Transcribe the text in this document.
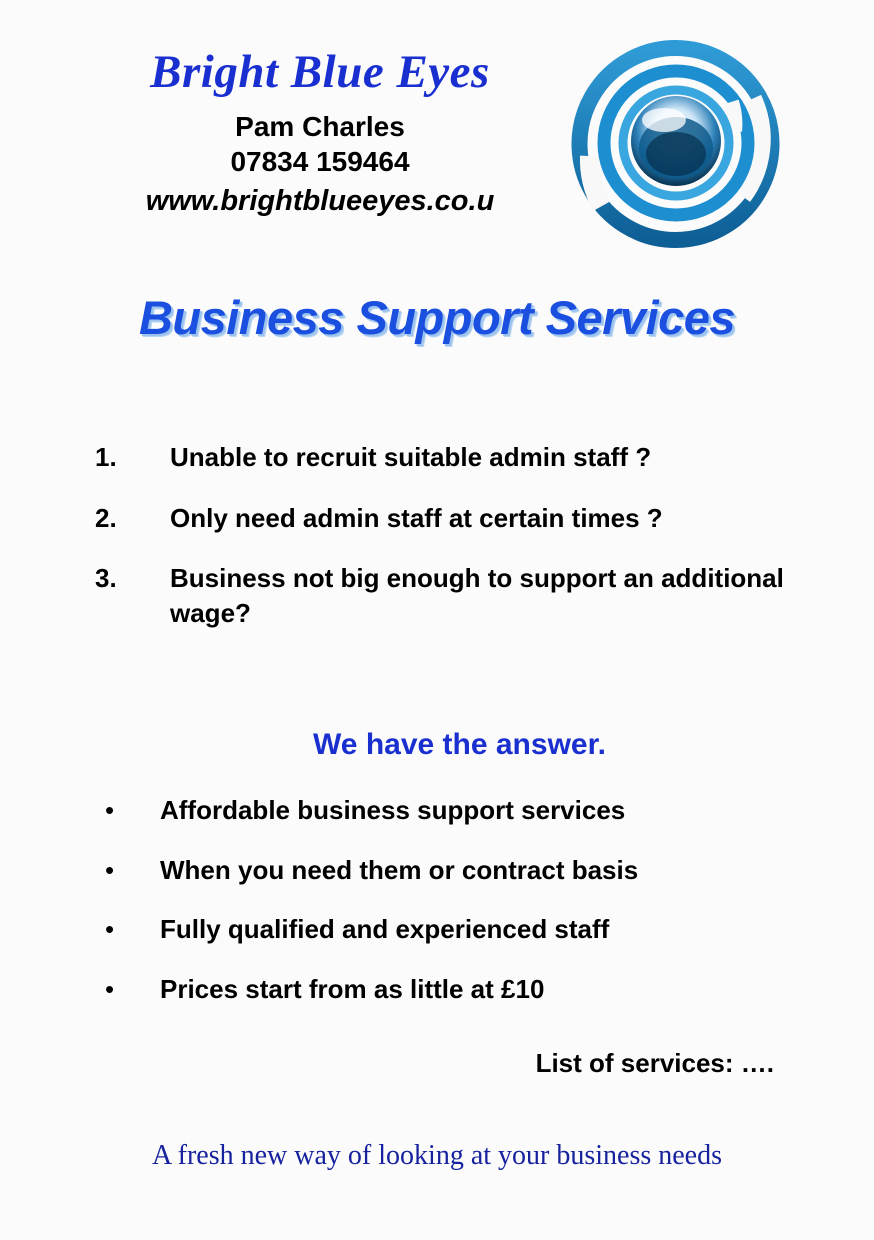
Bright Blue Eyes
Pam Charles
07834 159464
www.brightblueeyes.co.u
Business Support Services
1.	Unable to recruit suitable admin staff ?
2.	Only need admin staff at certain times ?
3.	Business not big enough to support an additional wage?
We have the answer.
•	Affordable business support services
•	When you need them or contract basis
•	Fully qualified and experienced staff
•	Prices start from as little at £10
List of services: ….
A fresh new way of looking at your business needs
